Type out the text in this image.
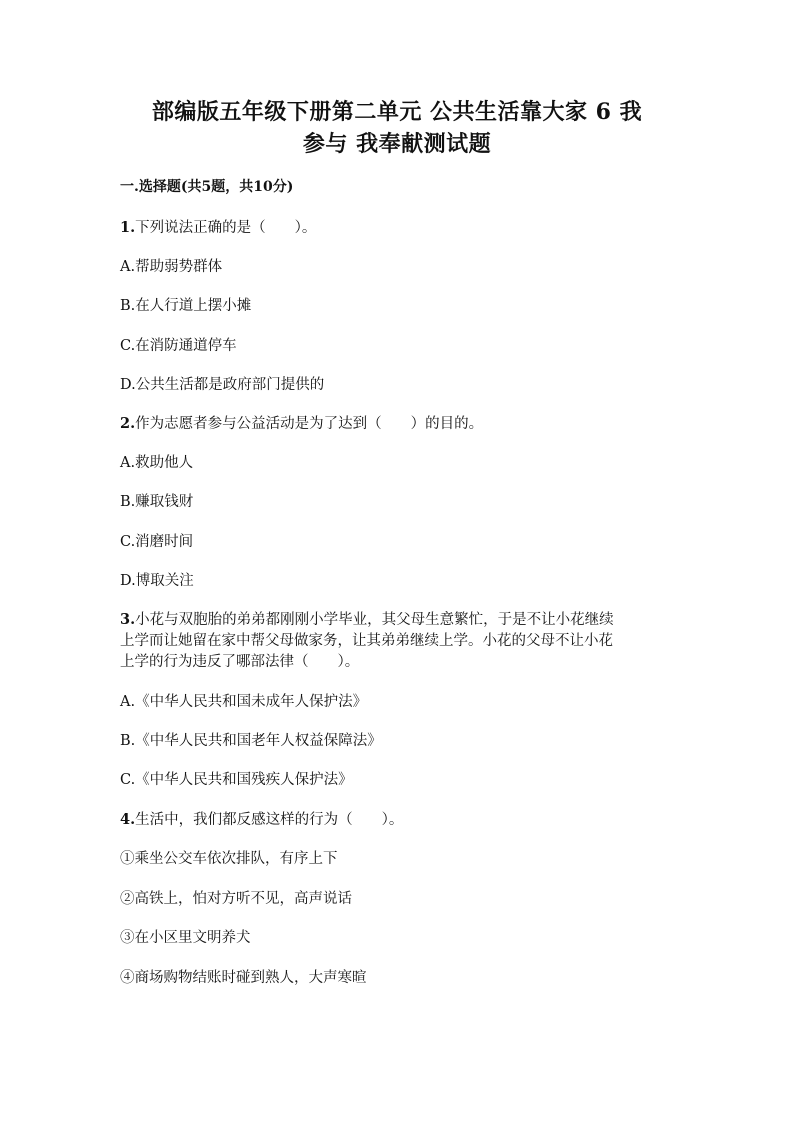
部编版五年级下册第二单元 公共生活靠大家 6 我
参与 我奉献测试题
一.选择题(共5题，共10分)
1.下列说法正确的是（　　）。
A.帮助弱势群体
B.在人行道上摆小摊
C.在消防通道停车
D.公共生活都是政府部门提供的
2.作为志愿者参与公益活动是为了达到（　　）的目的。
A.救助他人
B.赚取钱财
C.消磨时间
D.博取关注
3.小花与双胞胎的弟弟都刚刚小学毕业，其父母生意繁忙，于是不让小花继续
上学而让她留在家中帮父母做家务，让其弟弟继续上学。小花的父母不让小花
上学的行为违反了哪部法律（　　）。
A.《中华人民共和国未成年人保护法》
B.《中华人民共和国老年人权益保障法》
C.《中华人民共和国残疾人保护法》
4.生活中，我们都反感这样的行为（　　）。
①乘坐公交车依次排队，有序上下
②高铁上，怕对方听不见，高声说话
③在小区里文明养犬
④商场购物结账时碰到熟人，大声寒暄
